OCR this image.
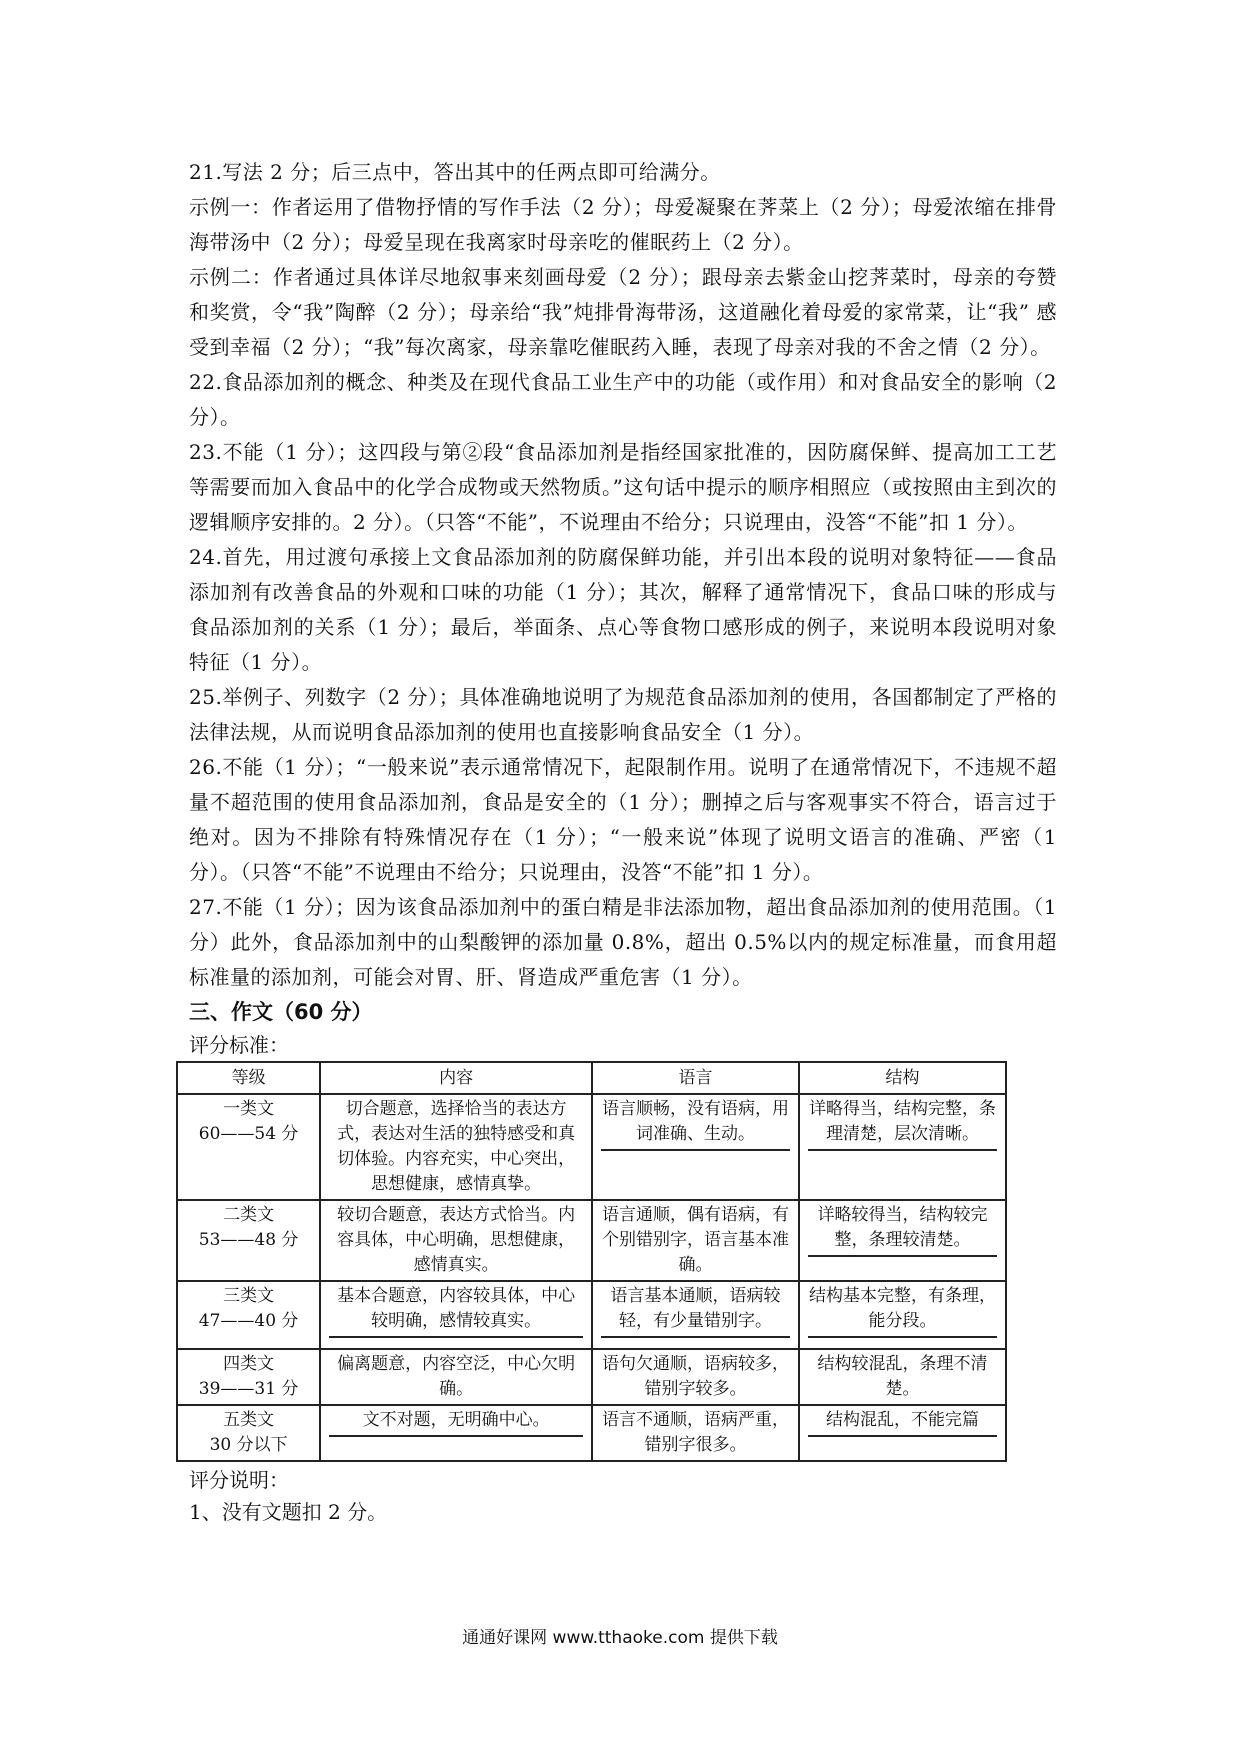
21.写法 2 分；后三点中，答出其中的任两点即可给满分。

示例一：作者运用了借物抒情的写作手法（2 分）；母爱凝聚在荠菜上（2 分）；母爱浓缩在排骨海带汤中（2 分）；母爱呈现在我离家时母亲吃的催眠药上（2 分）。

示例二：作者通过具体详尽地叙事来刻画母爱（2 分）；跟母亲去紫金山挖荠菜时，母亲的夸赞和奖赏，令“我”陶醉（2 分）；母亲给“我”炖排骨海带汤，这道融化着母爱的家常菜，让“我” 感受到幸福（2 分）；“我”每次离家，母亲靠吃催眠药入睡，表现了母亲对我的不舍之情（2 分）。

22.食品添加剂的概念、种类及在现代食品工业生产中的功能（或作用）和对食品安全的影响（2 分）。

23.不能（1 分）；这四段与第②段“食品添加剂是指经国家批准的，因防腐保鲜、提高加工工艺等需要而加入食品中的化学合成物或天然物质。”这句话中提示的顺序相照应（或按照由主到次的逻辑顺序安排的。2 分）。（只答“不能”，不说理由不给分；只说理由，没答“不能”扣 1 分）。

24.首先，用过渡句承接上文食品添加剂的防腐保鲜功能，并引出本段的说明对象特征——食品添加剂有改善食品的外观和口味的功能（1 分）；其次，解释了通常情况下，食品口味的形成与食品添加剂的关系（1 分）；最后，举面条、点心等食物口感形成的例子，来说明本段说明对象特征（1 分）。

25.举例子、列数字（2 分）；具体准确地说明了为规范食品添加剂的使用，各国都制定了严格的法律法规，从而说明食品添加剂的使用也直接影响食品安全（1 分）。

26.不能（1 分）；“一般来说”表示通常情况下，起限制作用。说明了在通常情况下，不违规不超量不超范围的使用食品添加剂，食品是安全的（1 分）；删掉之后与客观事实不符合，语言过于绝对。因为不排除有特殊情况存在（1 分）；“一般来说”体现了说明文语言的准确、严密（1 分）。（只答“不能”不说理由不给分；只说理由，没答“不能”扣 1 分）。

27.不能（1 分）；因为该食品添加剂中的蛋白精是非法添加物，超出食品添加剂的使用范围。（1 分）此外，食品添加剂中的山梨酸钾的添加量 0.8%，超出 0.5%以内的规定标准量，而食用超标准量的添加剂，可能会对胃、肝、肾造成严重危害（1 分）。

三、作文（60 分）

评分标准：

等级	内容	语言	结构
一类文
60——54 分	切合题意，选择恰当的表达方式，表达对生活的独特感受和真切体验。内容充实，中心突出，思想健康，感情真挚。	语言顺畅，没有语病，用词准确、生动。	详略得当，结构完整，条理清楚，层次清晰。

二类文
53——48 分	较切合题意，表达方式恰当。内容具体，中心明确，思想健康，感情真实。	语言通顺，偶有语病，有个别错别字，语言基本准确。	详略较得当，结构较完整，条理较清楚。

三类文
47——40 分	基本合题意，内容较具体，中心较明确，感情较真实。	语言基本通顺，语病较轻，有少量错别字。	结构基本完整，有条理，能分段。

四类文
39——31 分	偏离题意，内容空泛，中心欠明确。	语句欠通顺，语病较多，错别字较多。	结构较混乱，条理不清楚。
五类文
30 分以下	文不对题，无明确中心。	语言不通顺，语病严重，错别字很多。	结构混乱，不能完篇

评分说明：

1、没有文题扣 2 分。

通通好课网 www.tthaoke.com 提供下载
